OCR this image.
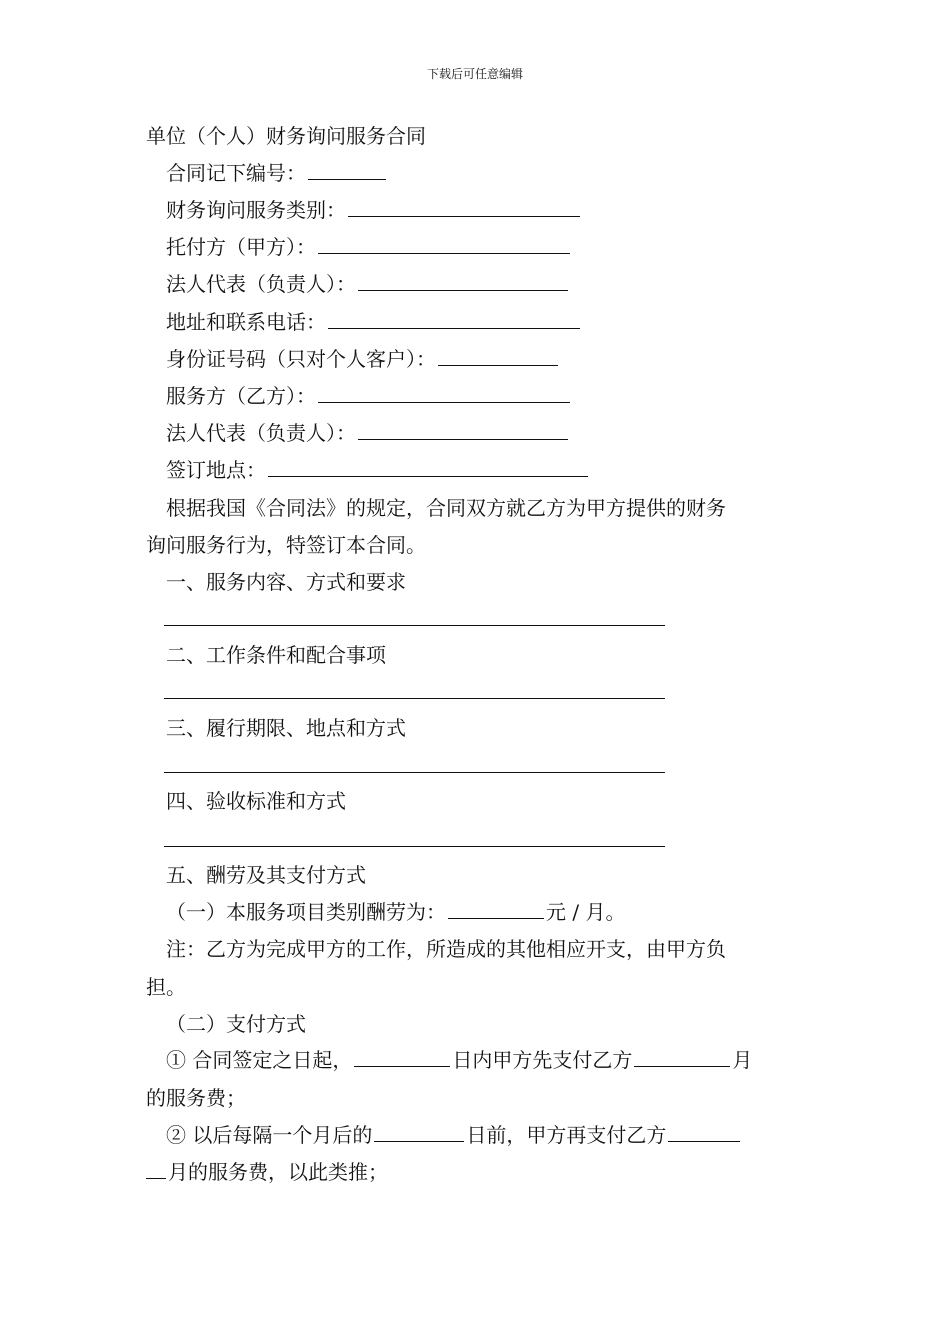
下载后可任意编辑
单位（个人）财务询问服务合同
合同记下编号：
财务询问服务类别：
托付方（甲方）：
法人代表（负责人）：
地址和联系电话：
身份证号码（只对个人客户）：
服务方（乙方）：
法人代表（负责人）：
签订地点：
根据我国《合同法》的规定，合同双方就乙方为甲方提供的财务
询问服务行为，特签订本合同。
一、服务内容、方式和要求
二、工作条件和配合事项
三、履行期限、地点和方式
四、验收标准和方式
五、酬劳及其支付方式
（一）本服务项目类别酬劳为：	元 / 月。
注：乙方为完成甲方的工作，所造成的其他相应开支，由甲方负
担。
（二）支付方式
① 合同签定之日起，	日内甲方先支付乙方	月
的服务费；
② 以后每隔一个月后的	日前，甲方再支付乙方
月的服务费，以此类推；
